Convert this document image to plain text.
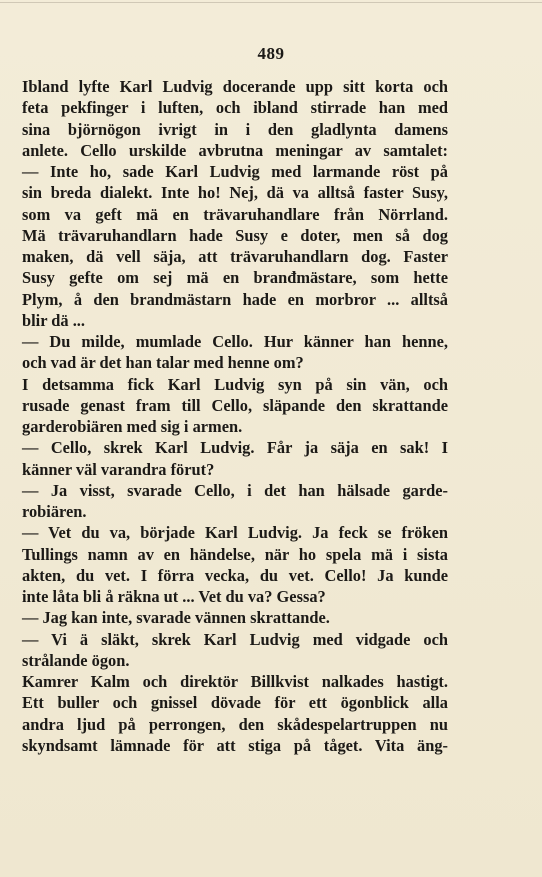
489
Ibland lyfte Karl Ludvig docerande upp sitt korta och
feta pekfinger i luften, och ibland stirrade han med
sina björnögon ivrigt in i den gladlynta damens
anlete. Cello urskilde avbrutna meningar av samtalet:
— Inte ho, sade Karl Ludvig med larmande röst på
sin breda dialekt. Inte ho! Nej, dä va alltså faster Susy,
som va geft mä en trävaruhandlare från Nörrland.
Mä trävaruhandlarn hade Susy e doter, men så dog
maken, dä vell säja, att trävaruhandlarn dog. Faster
Susy gefte om sej mä en branđmästare, som hette
Plym, å den brandmästarn hade en morbror ... alltså
blir dä ...
— Du milde, mumlade Cello. Hur känner han henne,
och vad är det han talar med henne om?
I detsamma fick Karl Ludvig syn på sin vän, och
rusade genast fram till Cello, släpande den skrattande
garderobiären med sig i armen.
— Cello, skrek Karl Ludvig. Får ja säja en sak! I
känner väl varandra förut?
— Ja visst, svarade Cello, i det han hälsade garde-
robiären.
— Vet du va, började Karl Ludvig. Ja feck se fröken
Tullings namn av en händelse, när ho spela mä i sista
akten, du vet. I förra vecka, du vet. Cello! Ja kunde
inte låta bli å räkna ut ... Vet du va? Gessa?
— Jag kan inte, svarade vännen skrattande.
— Vi ä släkt, skrek Karl Ludvig med vidgade och
strålande ögon.
Kamrer Kalm och direktör Billkvist nalkades hastigt.
Ett buller och gnissel dövade för ett ögonblick alla
andra ljud på perrongen, den skådespelartruppen nu
skyndsamt lämnade för att stiga på tåget. Vita äng-
